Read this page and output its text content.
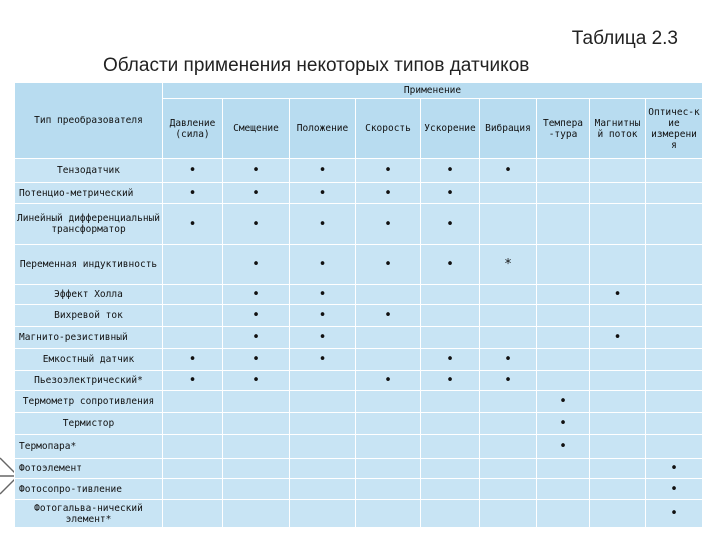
Таблица 2.3
Области применения некоторых типов датчиков
Тип преобразователя	Применение								
	Давление (сила)	Смещение	Положение	Скорость	Ускорение	Вибрация	Темпера -тура	Магнитны й поток	Оптичес-к ие измерени я
Тензодатчик	•	•	•	•	•	•			
Потенцио-метрический	•	•	•	•	•				
Линейный дифференциальный трансформатор	•	•	•	•	•				
Переменная индуктивность		•	•	•	•	*			
Эффект Холла		•	•					•	
Вихревой ток		•	•	•					
Магнито-резистивный		•	•					•	
Емкостный датчик	•	•	•		•	•			
Пьезоэлектрический*	•	•		•	•	•			
Термометр сопротивления							•		
Термистор							•		
Термопара*							•		
Фотоэлемент									•
Фотосопро-тивление									•
Фотогальва-нический элемент*									•
